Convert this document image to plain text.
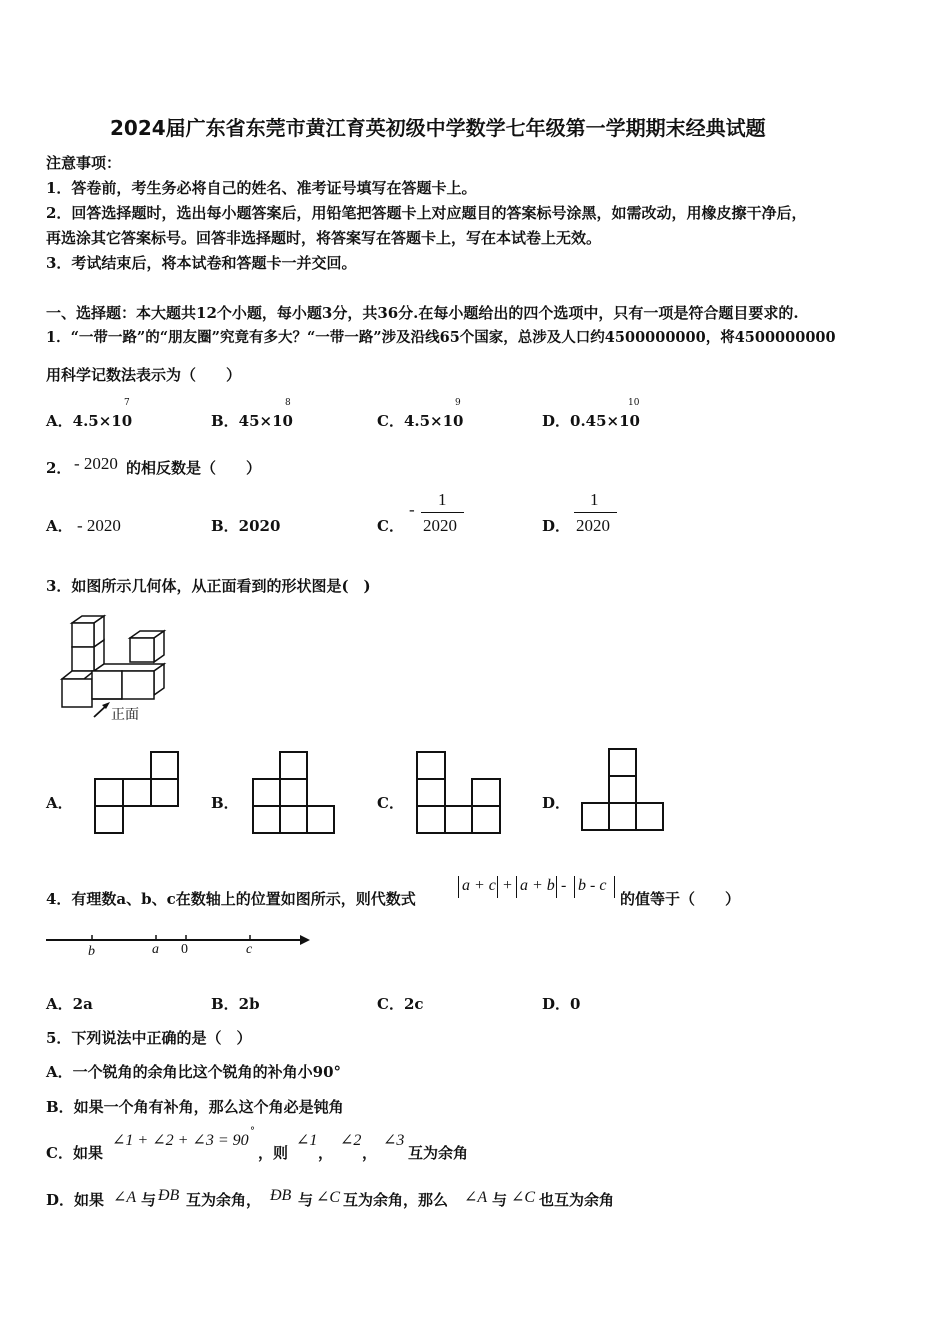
2024届广东省东莞市黄江育英初级中学数学七年级第一学期期末经典试题
注意事项：
1．答卷前，考生务必将自己的姓名、准考证号填写在答题卡上。
2．回答选择题时，选出每小题答案后，用铅笔把答题卡上对应题目的答案标号涂黑，如需改动，用橡皮擦干净后，
再选涂其它答案标号。回答非选择题时，将答案写在答题卡上，写在本试卷上无效。
3．考试结束后，将本试卷和答题卡一并交回。
一、选择题：本大题共12个小题，每小题3分，共36分.在每小题给出的四个选项中，只有一项是符合题目要求的.
1．“一带一路”的“朋友圈”究竟有多大？“一带一路”涉及沿线65个国家，总涉及人口约4500000000，将4500000000
用科学记数法表示为（　　）
A．4.5×10
7
B．45×10
8
C．4.5×10
9
D．0.45×10
10
2． - 2020 的相反数是（　　）
A． - 2020	B．2020	C．
-
1
2020	D．
1
2020
3．如图所示几何体，从正面看到的形状图是(　)
正面
A．	B．	C．	D．
4．有理数a、b、c在数轴上的位置如图所示，则代数式
a + c + a + b - b - c
的值等于（　　）
b	a 0	c
A．2a	B．2b	C．2c	D．0
5．下列说法中正确的是（　）
A．一个锐角的余角比这个锐角的补角小90°
B．如果一个角有补角，那么这个角必是钝角
C．如果
∠1 + ∠2 + ∠3 = 90
°
，则
∠1
，
∠2
，
∠3
互为余角
D．如果 ∠A 与 ÐB 互为余角， ÐB 与 ∠C 互为余角，那么 ∠A 与 ∠C 也互为余角
